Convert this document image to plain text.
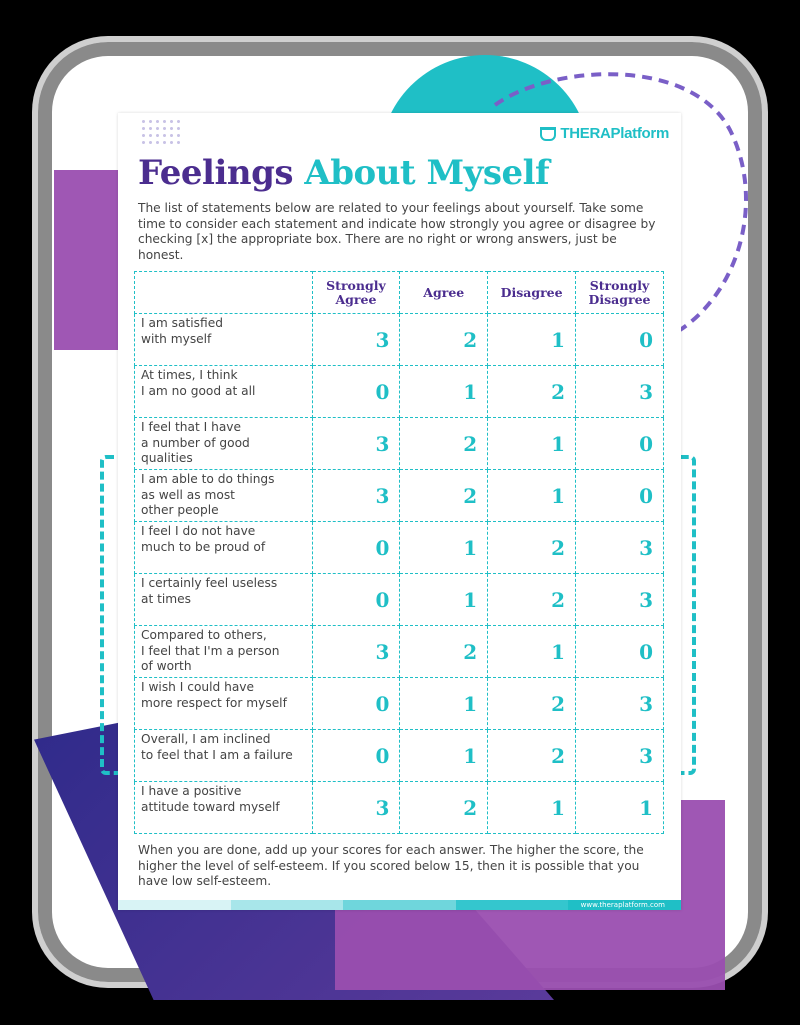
THERA Platform
Feelings About Myself

The list of statements below are related to your feelings about yourself. Take some time to consider each statement and indicate how strongly you agree or disagree by checking [x] the appropriate box. There are no right or wrong answers, just be honest.

	Strongly Agree	Agree	Disagree	Strongly Disagree
I am satisfied
with myself	3	2	1	0
At times, I think
I am no good at all	0	1	2	3
I feel that I have
a number of good
qualities	3	2	1	0
I am able to do things
as well as most
other people	3	2	1	0
I feel I do not have
much to be proud of	0	1	2	3
I certainly feel useless
at times	0	1	2	3
Compared to others,
I feel that I'm a person
of worth	3	2	1	0
I wish I could have
more respect for myself	0	1	2	3
Overall, I am inclined
to feel that I am a failure	0	1	2	3
I have a positive
attitude toward myself	3	2	1	1

When you are done, add up your scores for each answer. The higher the score, the higher the level of self-esteem. If you scored below 15, then it is possible that you have low self-esteem.

www.theraplatform.com
